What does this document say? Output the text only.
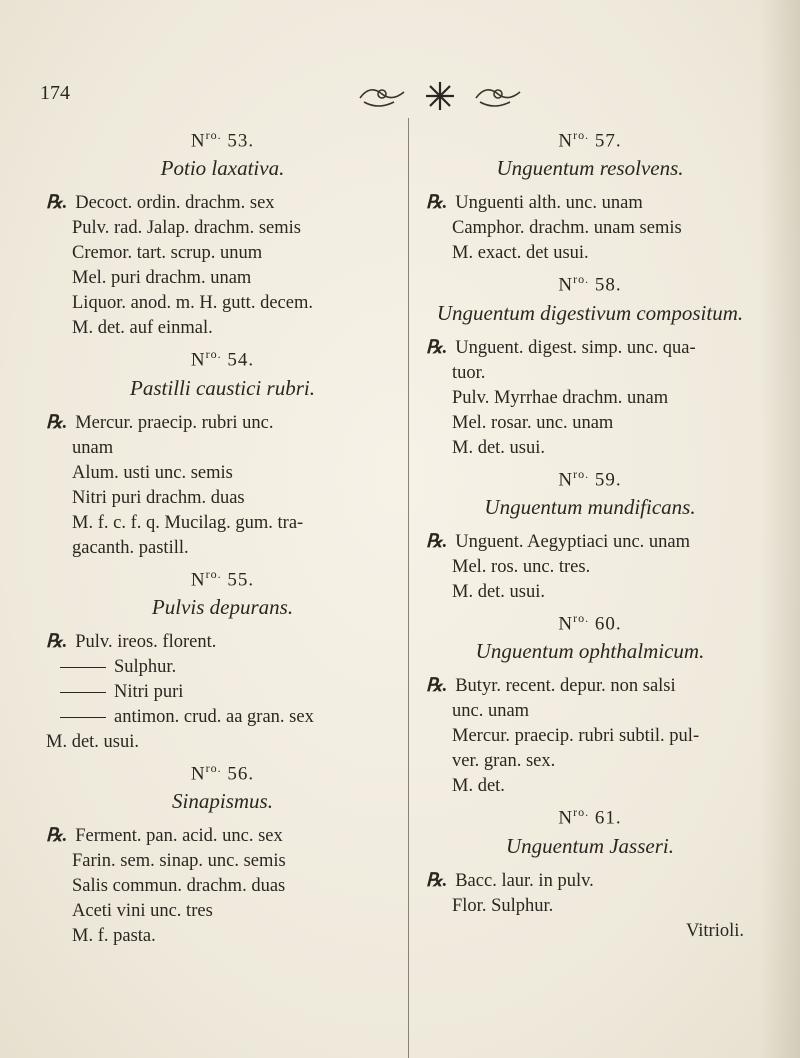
174
$N^{ro.}$ 53.
Potio laxativa.
℞. Decoct. ordin. drachm. sex
Pulv. rad. Jalap. drachm. semis
Cremor. tart. scrup. unum
Mel. puri drachm. unam
Liquor. anod. m. H. gutt. decem.
M. det. auf einmal.
$N^{ro.}$ 54.
Pastilli caustici rubri.
℞. Mercur. praecip. rubri unc.
unam
Alum. usti unc. semis
Nitri puri drachm. duas
M. f. c. f. q. Mucilag. gum. tra-
gacanth. pastill.
$N^{ro.}$ 55.
Pulvis depurans.
℞. Pulv. ireos. florent.
Sulphur.
Nitri puri
antimon. crud. aa gran. sex
M. det. usui.
$N^{ro.}$ 56.
Sinapismus.
℞. Ferment. pan. acid. unc. sex
Farin. sem. sinap. unc. semis
Salis commun. drachm. duas
Aceti vini unc. tres
M. f. pasta.
$N^{ro.}$ 57.
Unguentum resolvens.
℞. Unguenti alth. unc. unam
Camphor. drachm. unam semis
M. exact. det usui.
$N^{ro.}$ 58.
Unguentum digestivum compositum.
℞. Unguent. digest. simp. unc. qua-
tuor.
Pulv. Myrrhae drachm. unam
Mel. rosar. unc. unam
M. det. usui.
$N^{ro.}$ 59.
Unguentum mundificans.
℞. Unguent. Aegyptiaci unc. unam
Mel. ros. unc. tres.
M. det. usui.
$N^{ro.}$ 60.
Unguentum ophthalmicum.
℞. Butyr. recent. depur. non salsi
unc. unam
Mercur. praecip. rubri subtil. pul-
ver. gran. sex.
M. det.
$N^{ro.}$ 61.
Unguentum Jasseri.
℞. Bacc. laur. in pulv.
Flor. Sulphur.
Vitrioli.
